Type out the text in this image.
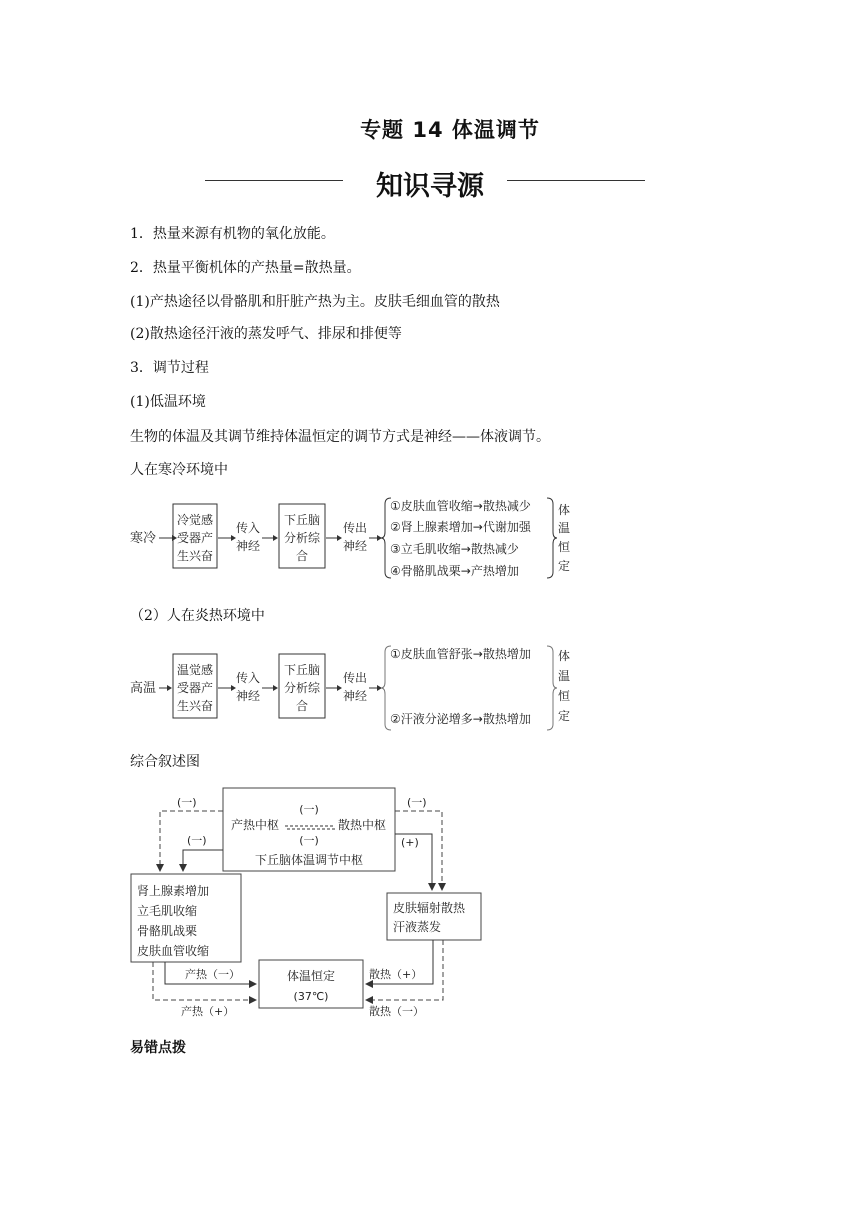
专题 14 体温调节
知识寻源
1．热量来源有机物的氧化放能。
2．热量平衡机体的产热量=散热量。
(1)产热途径以骨骼肌和肝脏产热为主。皮肤毛细血管的散热
(2)散热途径汗液的蒸发呼气、排尿和排便等
3．调节过程
(1)低温环境
生物的体温及其调节维持体温恒定的调节方式是神经——体液调节。
人在寒冷环境中
寒冷
冷觉感
受器产
生兴奋
传入
神经
下丘脑
分析综
合
传出
神经
①皮肤血管收缩→散热减少
②肾上腺素增加→代谢加强
③立毛肌收缩→散热减少
④骨骼肌战栗→产热增加
体
温
恒
定
（2）人在炎热环境中
高温
温觉感
受器产
生兴奋
传入
神经
下丘脑
分析综
合
传出
神经
①皮肤血管舒张→散热增加
②汗液分泌增多→散热增加
体
温
恒
定
综合叙述图
(一)
产热中枢	散热中枢
(一)
下丘脑体温调节中枢
肾上腺素增加
立毛肌收缩
骨骼肌战栗
皮肤血管收缩
皮肤辐射散热
汗液蒸发
体温恒定
(37℃)
(一)
(一)
(一)
(+)
产热（一）
产热（+）
散热（+）
散热（一）
易错点拨
